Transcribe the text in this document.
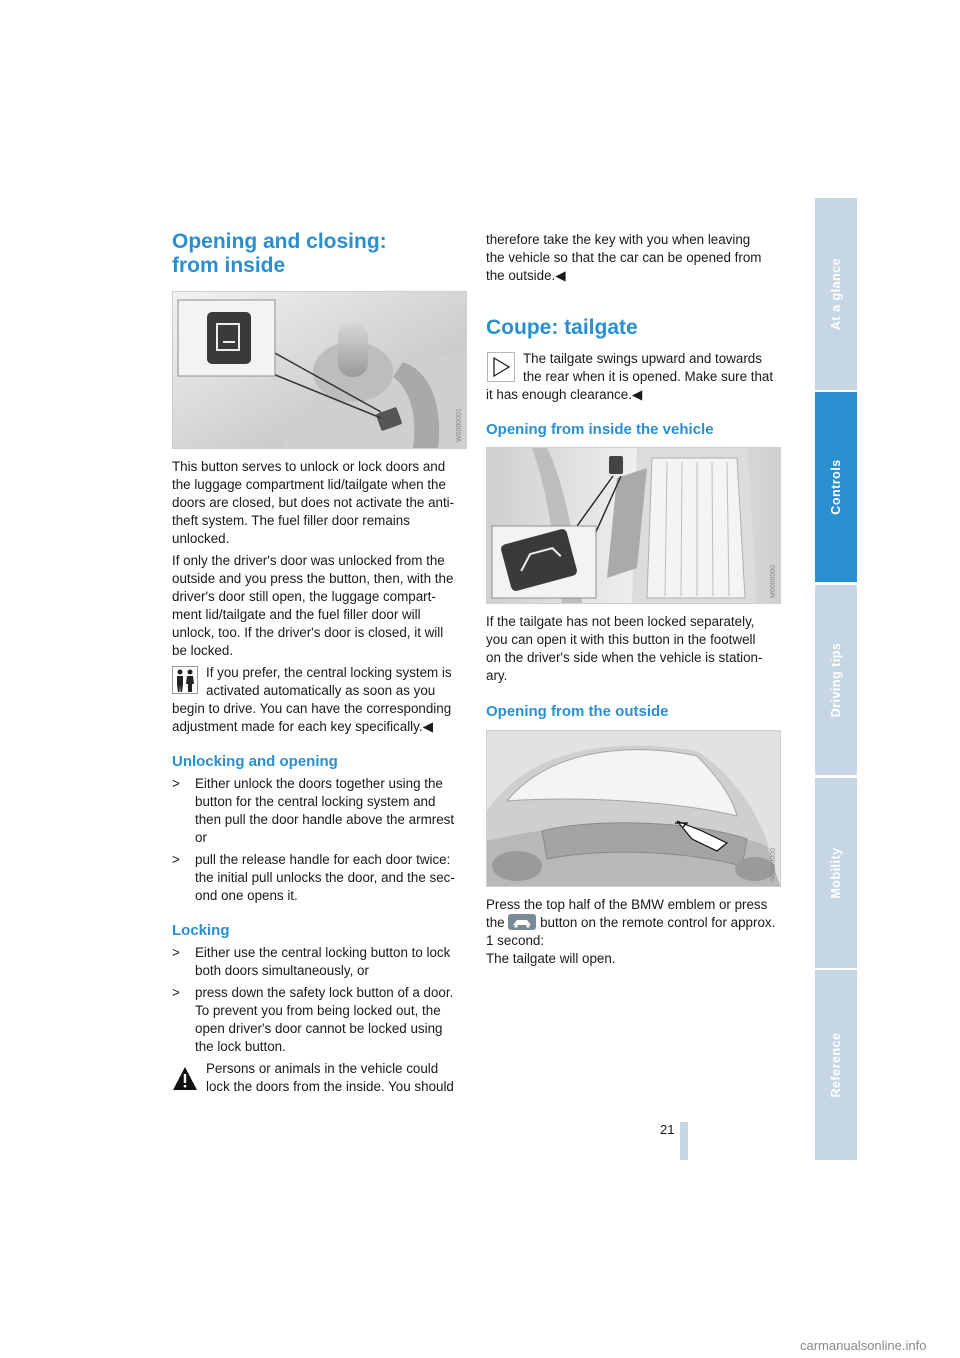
At a glance
Controls
Driving tips
Mobility
Reference
21
Opening and closing:
from inside
W0000001

This button serves to unlock or lock doors and
the luggage compartment lid/tailgate when the
doors are closed, but does not activate the anti-
theft system. The fuel filler door remains
unlocked.

If only the driver's door was unlocked from the
outside and you press the button, then, with the
driver's door still open, the luggage compart-
ment lid/tailgate and the fuel filler door will
unlock, too. If the driver's door is closed, it will
be locked.

If you prefer, the central locking system is
activated automatically as soon as you
begin to drive. You can have the corresponding
adjustment made for each key specifically.◀

Unlocking and opening
> Either unlock the doors together using the
button for the central locking system and
then pull the door handle above the armrest
or
> pull the release handle for each door twice:
the initial pull unlocks the door, and the sec-
ond one opens it.
Locking
> Either use the central locking button to lock
both doors simultaneously, or
> press down the safety lock button of a door.
To prevent you from being locked out, the
open driver's door cannot be locked using
the lock button.

Persons or animals in the vehicle could
lock the doors from the inside. You should

therefore take the key with you when leaving
the vehicle so that the car can be opened from
the outside.◀

Coupe: tailgate

The tailgate swings upward and towards
the rear when it is opened. Make sure that
it has enough clearance.◀

Opening from inside the vehicle
M0000000

If the tailgate has not been locked separately,
you can open it with this button in the footwell
on the driver's side when the vehicle is station-
ary.

Opening from the outside
M0000000

Press the top half of the BMW emblem or press
the	button on the remote control for approx.
1 second:
The tailgate will open.

carmanualsonline.info
